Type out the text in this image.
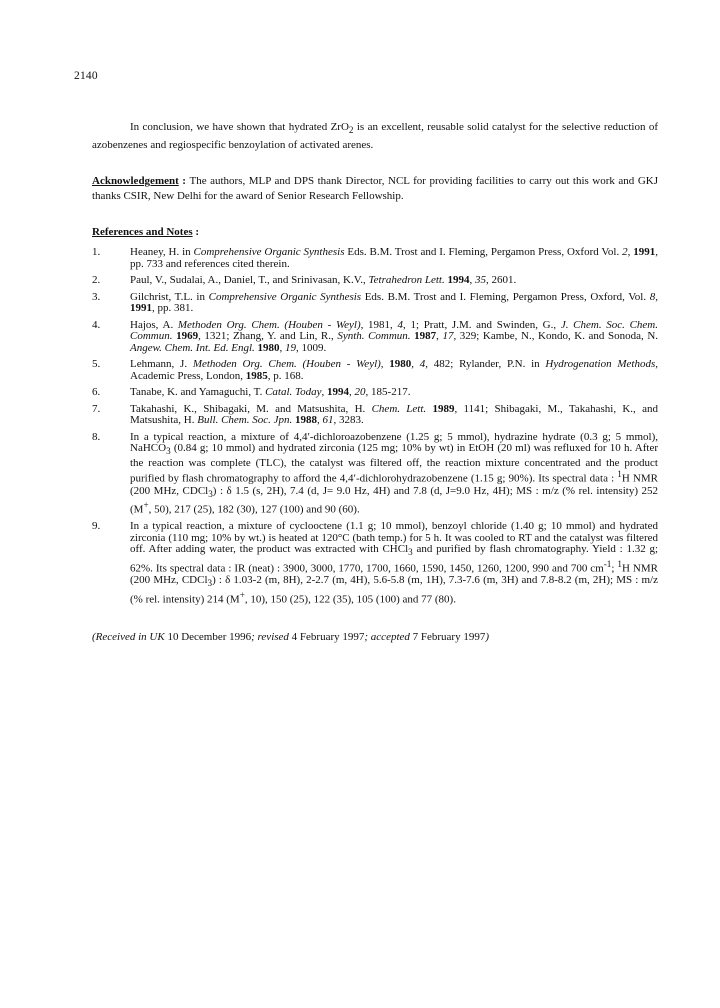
2140

In conclusion, we have shown that hydrated ZrO$_2$ is an excellent, reusable solid catalyst for the selective reduction of azobenzenes and regiospecific benzoylation of activated arenes.

Acknowledgement : The authors, MLP and DPS thank Director, NCL for providing facilities to carry out this work and GKJ thanks CSIR, New Delhi for the award of Senior Research Fellowship.

References and Notes :

1.	Heaney, H. in Comprehensive Organic Synthesis Eds. B.M. Trost and I. Fleming, Pergamon Press, Oxford Vol. 2, 1991, pp. 733 and references cited therein.
2.	Paul, V., Sudalai, A., Daniel, T., and Srinivasan, K.V., Tetrahedron Lett. 1994, 35, 2601.
3.	Gilchrist, T.L. in Comprehensive Organic Synthesis Eds. B.M. Trost and I. Fleming, Pergamon Press, Oxford, Vol. 8, 1991, pp. 381.
4.	Hajos, A. Methoden Org. Chem. (Houben - Weyl), 1981, 4, 1; Pratt, J.M. and Swinden, G., J. Chem. Soc. Chem. Commun. 1969, 1321; Zhang, Y. and Lin, R., Synth. Commun. 1987, 17, 329; Kambe, N., Kondo, K. and Sonoda, N. Angew. Chem. Int. Ed. Engl. 1980, 19, 1009.
5.	Lehmann, J. Methoden Org. Chem. (Houben - Weyl), 1980, 4, 482; Rylander, P.N. in Hydrogenation Methods, Academic Press, London, 1985, p. 168.
6.	Tanabe, K. and Yamaguchi, T. Catal. Today, 1994, 20, 185-217.
7.	Takahashi, K., Shibagaki, M. and Matsushita, H. Chem. Lett. 1989, 1141; Shibagaki, M., Takahashi, K., and Matsushita, H. Bull. Chem. Soc. Jpn. 1988, 61, 3283.
8.	In a typical reaction, a mixture of 4,4′-dichloroazobenzene (1.25 g; 5 mmol), hydrazine hydrate (0.3 g; 5 mmol), NaHCO$_3$ (0.84 g; 10 mmol) and hydrated zirconia (125 mg; 10% by wt) in EtOH (20 ml) was refluxed for 10 h. After the reaction was complete (TLC), the catalyst was filtered off, the reaction mixture concentrated and the product purified by flash chromatography to afford the 4,4′-dichlorohydrazobenzene (1.15 g; 90%). Its spectral data : $^1$H NMR (200 MHz, CDCl$_3$) : δ 1.5 (s, 2H), 7.4 (d, J= 9.0 Hz, 4H) and 7.8 (d, J=9.0 Hz, 4H); MS : m/z (% rel. intensity) 252 (M+, 50), 217 (25), 182 (30), 127 (100) and 90 (60).
9.	In a typical reaction, a mixture of cyclooctene (1.1 g; 10 mmol), benzoyl chloride (1.40 g; 10 mmol) and hydrated zirconia (110 mg; 10% by wt.) is heated at 120°C (bath temp.) for 5 h. It was cooled to RT and the catalyst was filtered off. After adding water, the product was extracted with CHCl$_3$ and purified by flash chromatography. Yield : 1.32 g; 62%. Its spectral data : IR (neat) : 3900, 3000, 1770, 1700, 1660, 1590, 1450, 1260, 1200, 990 and 700 $cm^{-1}$; $^1$H NMR (200 MHz, CDCl$_3$) : δ 1.03-2 (m, 8H), 2-2.7 (m, 4H), 5.6-5.8 (m, 1H), 7.3-7.6 (m, 3H) and 7.8-8.2 (m, 2H); MS : m/z (% rel. intensity) 214 (M+, 10), 150 (25), 122 (35), 105 (100) and 77 (80).

(Received in UK 10 December 1996; revised 4 February 1997; accepted 7 February 1997)
